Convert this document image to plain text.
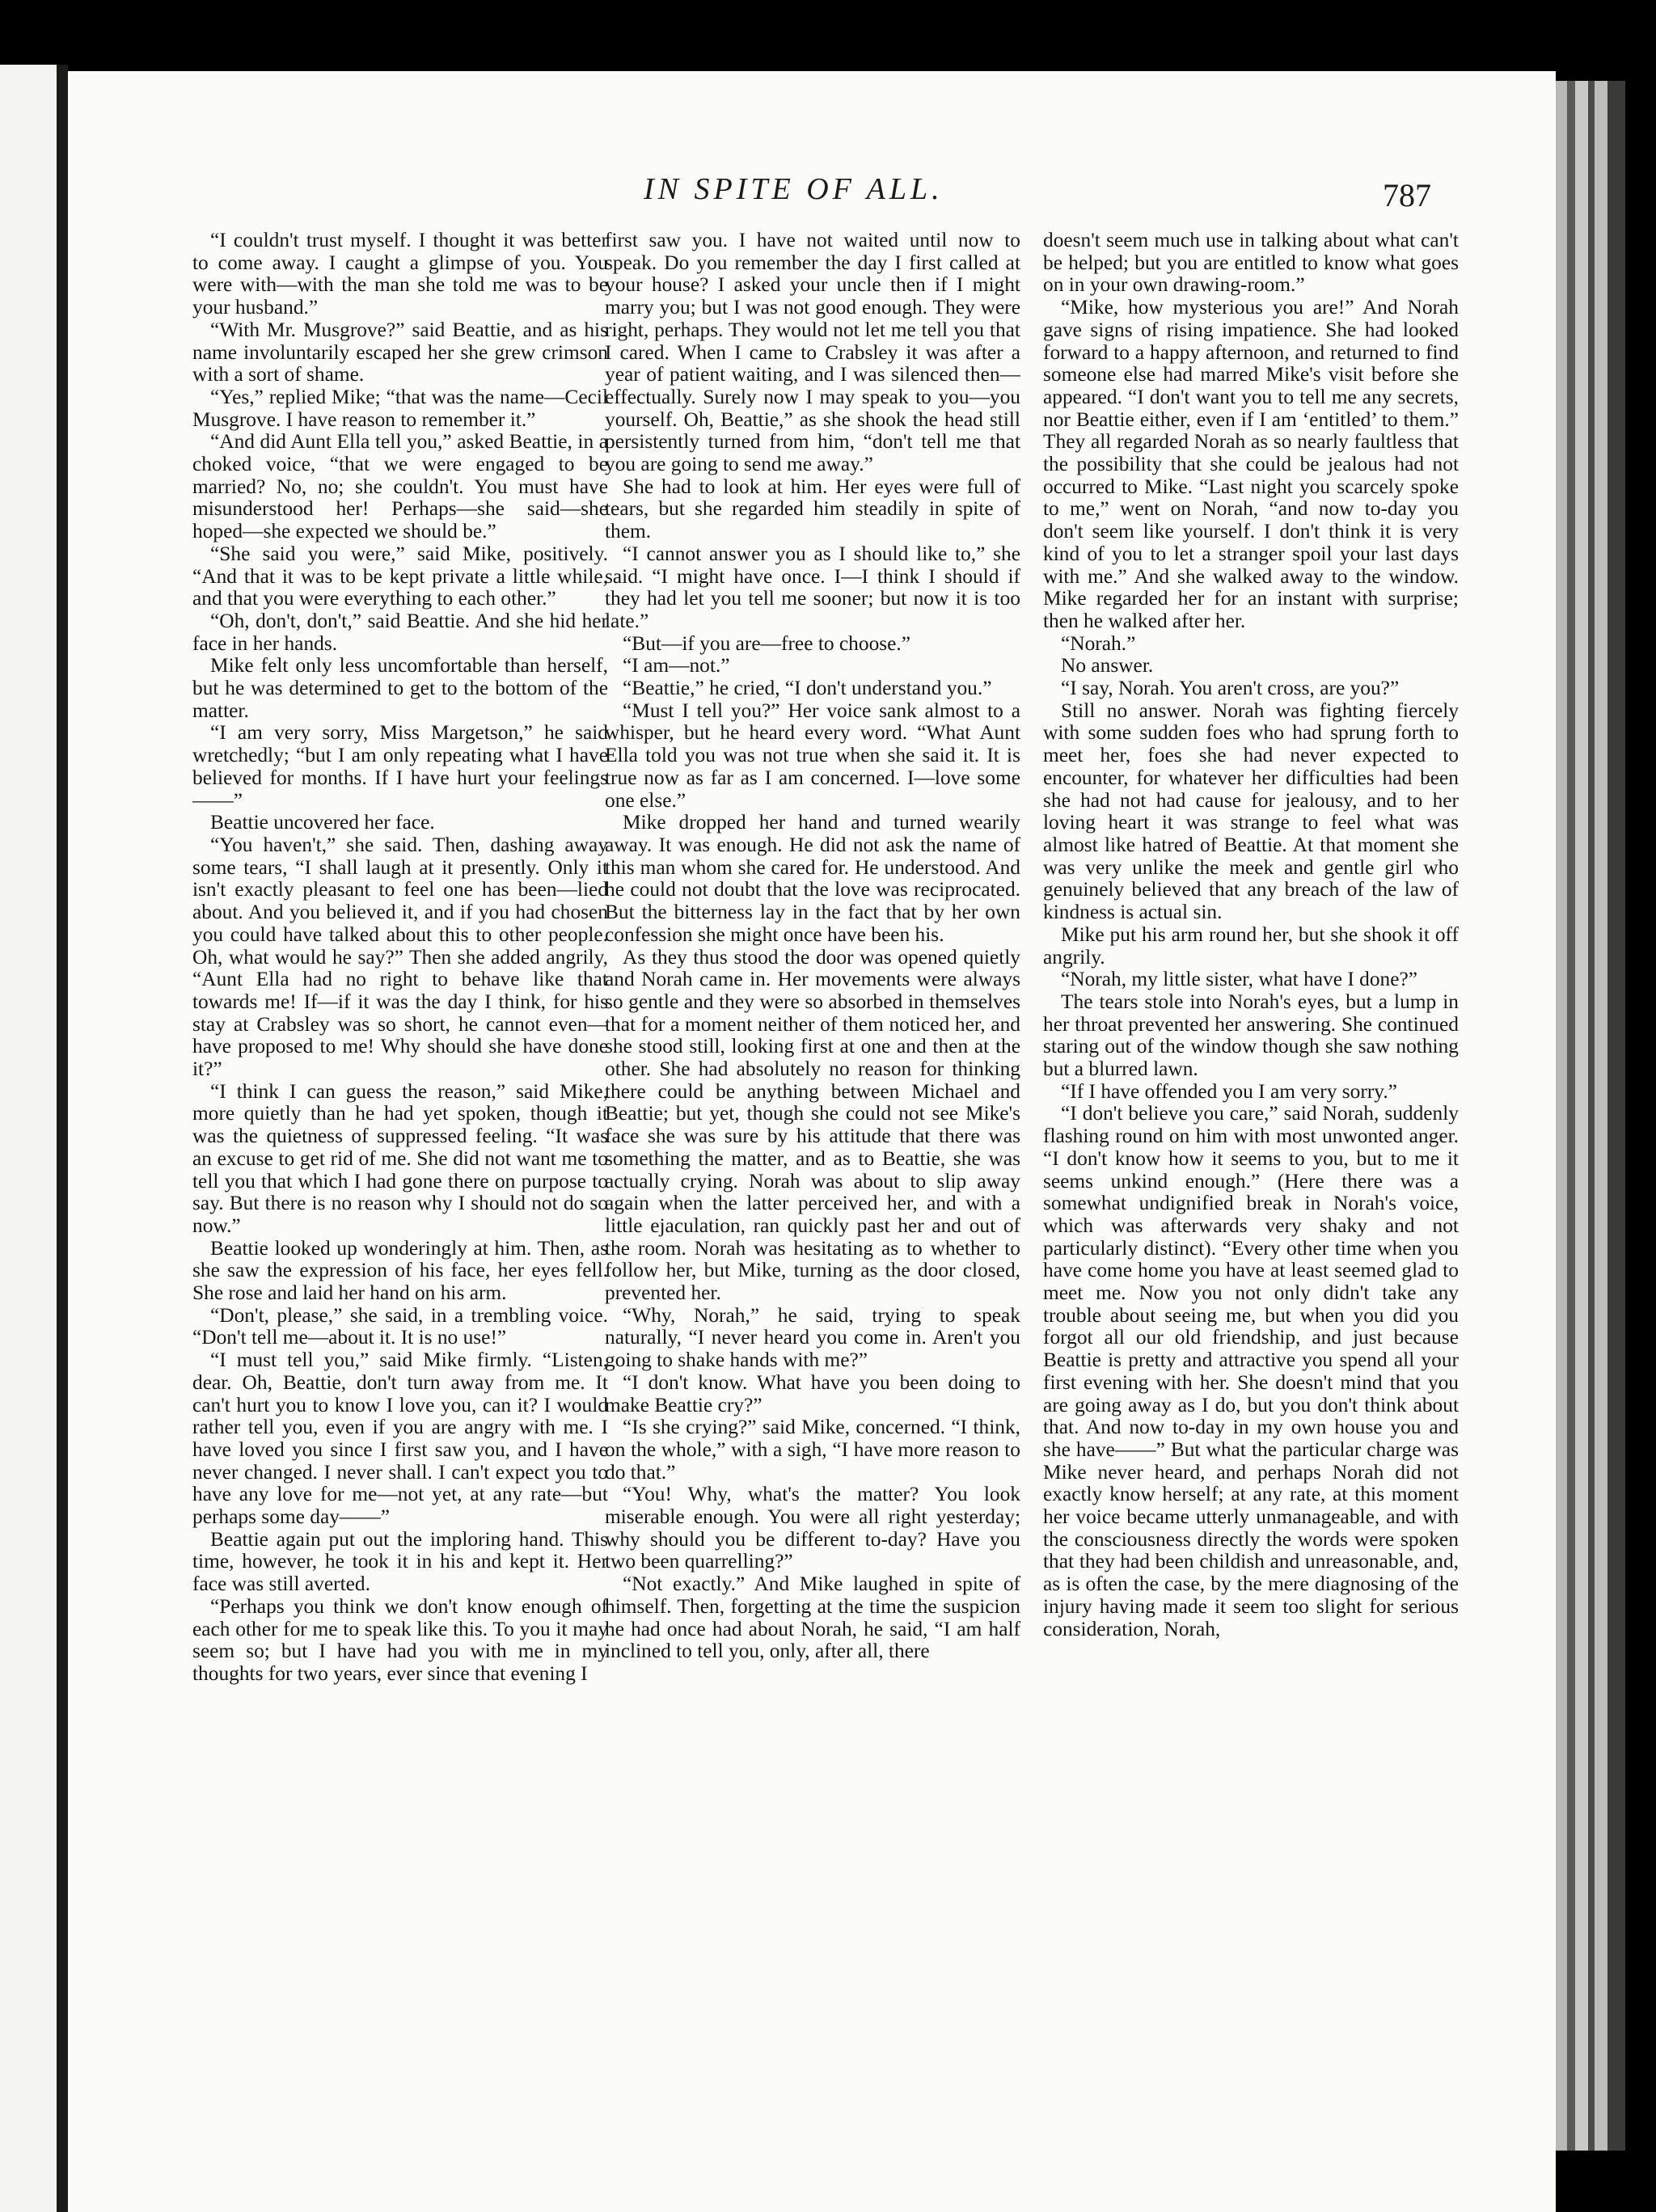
IN SPITE OF ALL.	787

“I couldn't trust myself. I thought it was better to come away. I caught a glimpse of you. You were with—with the man she told me was to be your husband.”

“With Mr. Musgrove?” said Beattie, and as his name involuntarily escaped her she grew crimson with a sort of shame.

“Yes,” replied Mike; “that was the name—Cecil Musgrove. I have reason to remember it.”

“And did Aunt Ella tell you,” asked Beattie, in a choked voice, “that we were engaged to be married? No, no; she couldn't. You must have misunderstood her! Perhaps—she said—she hoped—she expected we should be.”

“She said you were,” said Mike, positively. “And that it was to be kept private a little while, and that you were everything to each other.”

“Oh, don't, don't,” said Beattie. And she hid her face in her hands.

Mike felt only less uncomfortable than herself, but he was determined to get to the bottom of the matter.

“I am very sorry, Miss Margetson,” he said wretchedly; “but I am only repeating what I have believed for months. If I have hurt your feelings——”

Beattie uncovered her face.

“You haven't,” she said. Then, dashing away some tears, “I shall laugh at it presently. Only it isn't exactly pleasant to feel one has been—lied about. And you believed it, and if you had chosen you could have talked about this to other people. Oh, what would he say?” Then she added angrily, “Aunt Ella had no right to behave like that towards me! If—if it was the day I think, for his stay at Crabsley was so short, he cannot even—have proposed to me! Why should she have done it?”

“I think I can guess the reason,” said Mike, more quietly than he had yet spoken, though it was the quietness of suppressed feeling. “It was an excuse to get rid of me. She did not want me to tell you that which I had gone there on purpose to say. But there is no reason why I should not do so now.”

Beattie looked up wonderingly at him. Then, as she saw the expression of his face, her eyes fell. She rose and laid her hand on his arm.

“Don't, please,” she said, in a trembling voice. “Don't tell me—about it. It is no use!”

“I must tell you,” said Mike firmly. “Listen, dear. Oh, Beattie, don't turn away from me. It can't hurt you to know I love you, can it? I would rather tell you, even if you are angry with me. I have loved you since I first saw you, and I have never changed. I never shall. I can't expect you to have any love for me—not yet, at any rate—but perhaps some day——”

Beattie again put out the imploring hand. This time, however, he took it in his and kept it. Her face was still averted.

“Perhaps you think we don't know enough of each other for me to speak like this. To you it may seem so; but I have had you with me in my thoughts for two years, ever since that evening I

first saw you. I have not waited until now to speak. Do you remember the day I first called at your house? I asked your uncle then if I might marry you; but I was not good enough. They were right, perhaps. They would not let me tell you that I cared. When I came to Crabsley it was after a year of patient waiting, and I was silenced then—effectually. Surely now I may speak to you—you yourself. Oh, Beattie,” as she shook the head still persistently turned from him, “don't tell me that you are going to send me away.”

She had to look at him. Her eyes were full of tears, but she regarded him steadily in spite of them.

“I cannot answer you as I should like to,” she said. “I might have once. I—I think I should if they had let you tell me sooner; but now it is too late.”

“But—if you are—free to choose.”

“I am—not.”

“Beattie,” he cried, “I don't understand you.”

“Must I tell you?” Her voice sank almost to a whisper, but he heard every word. “What Aunt Ella told you was not true when she said it. It is true now as far as I am concerned. I—love some one else.”

Mike dropped her hand and turned wearily away. It was enough. He did not ask the name of this man whom she cared for. He understood. And he could not doubt that the love was reciprocated. But the bitterness lay in the fact that by her own confession she might once have been his.

As they thus stood the door was opened quietly and Norah came in. Her movements were always so gentle and they were so absorbed in themselves that for a moment neither of them noticed her, and she stood still, looking first at one and then at the other. She had absolutely no reason for thinking there could be anything between Michael and Beattie; but yet, though she could not see Mike's face she was sure by his attitude that there was something the matter, and as to Beattie, she was actually crying. Norah was about to slip away again when the latter perceived her, and with a little ejaculation, ran quickly past her and out of the room. Norah was hesitating as to whether to follow her, but Mike, turning as the door closed, prevented her.

“Why, Norah,” he said, trying to speak naturally, “I never heard you come in. Aren't you going to shake hands with me?”

“I don't know. What have you been doing to make Beattie cry?”

“Is she crying?” said Mike, concerned. “I think, on the whole,” with a sigh, “I have more reason to do that.”

“You! Why, what's the matter? You look miserable enough. You were all right yesterday; why should you be different to-day? Have you two been quarrelling?”

“Not exactly.” And Mike laughed in spite of himself. Then, forgetting at the time the suspicion he had once had about Norah, he said, “I am half inclined to tell you, only, after all, there

doesn't seem much use in talking about what can't be helped; but you are entitled to know what goes on in your own drawing-room.”

“Mike, how mysterious you are!” And Norah gave signs of rising impatience. She had looked forward to a happy afternoon, and returned to find someone else had marred Mike's visit before she appeared. “I don't want you to tell me any secrets, nor Beattie either, even if I am ‘entitled’ to them.” They all regarded Norah as so nearly faultless that the possibility that she could be jealous had not occurred to Mike. “Last night you scarcely spoke to me,” went on Norah, “and now to-day you don't seem like yourself. I don't think it is very kind of you to let a stranger spoil your last days with me.” And she walked away to the window. Mike regarded her for an instant with surprise; then he walked after her.

“Norah.”

No answer.

“I say, Norah. You aren't cross, are you?”

Still no answer. Norah was fighting fiercely with some sudden foes who had sprung forth to meet her, foes she had never expected to encounter, for whatever her difficulties had been she had not had cause for jealousy, and to her loving heart it was strange to feel what was almost like hatred of Beattie. At that moment she was very unlike the meek and gentle girl who genuinely believed that any breach of the law of kindness is actual sin.

Mike put his arm round her, but she shook it off angrily.

“Norah, my little sister, what have I done?”

The tears stole into Norah's eyes, but a lump in her throat prevented her answering. She continued staring out of the window though she saw nothing but a blurred lawn.

“If I have offended you I am very sorry.”

“I don't believe you care,” said Norah, suddenly flashing round on him with most unwonted anger. “I don't know how it seems to you, but to me it seems unkind enough.” (Here there was a somewhat undignified break in Norah's voice, which was afterwards very shaky and not particularly distinct). “Every other time when you have come home you have at least seemed glad to meet me. Now you not only didn't take any trouble about seeing me, but when you did you forgot all our old friendship, and just because Beattie is pretty and attractive you spend all your first evening with her. She doesn't mind that you are going away as I do, but you don't think about that. And now to-day in my own house you and she have——” But what the particular charge was Mike never heard, and perhaps Norah did not exactly know herself; at any rate, at this moment her voice became utterly unmanageable, and with the consciousness directly the words were spoken that they had been childish and unreasonable, and, as is often the case, by the mere diagnosing of the injury having made it seem too slight for serious consideration, Norah,
